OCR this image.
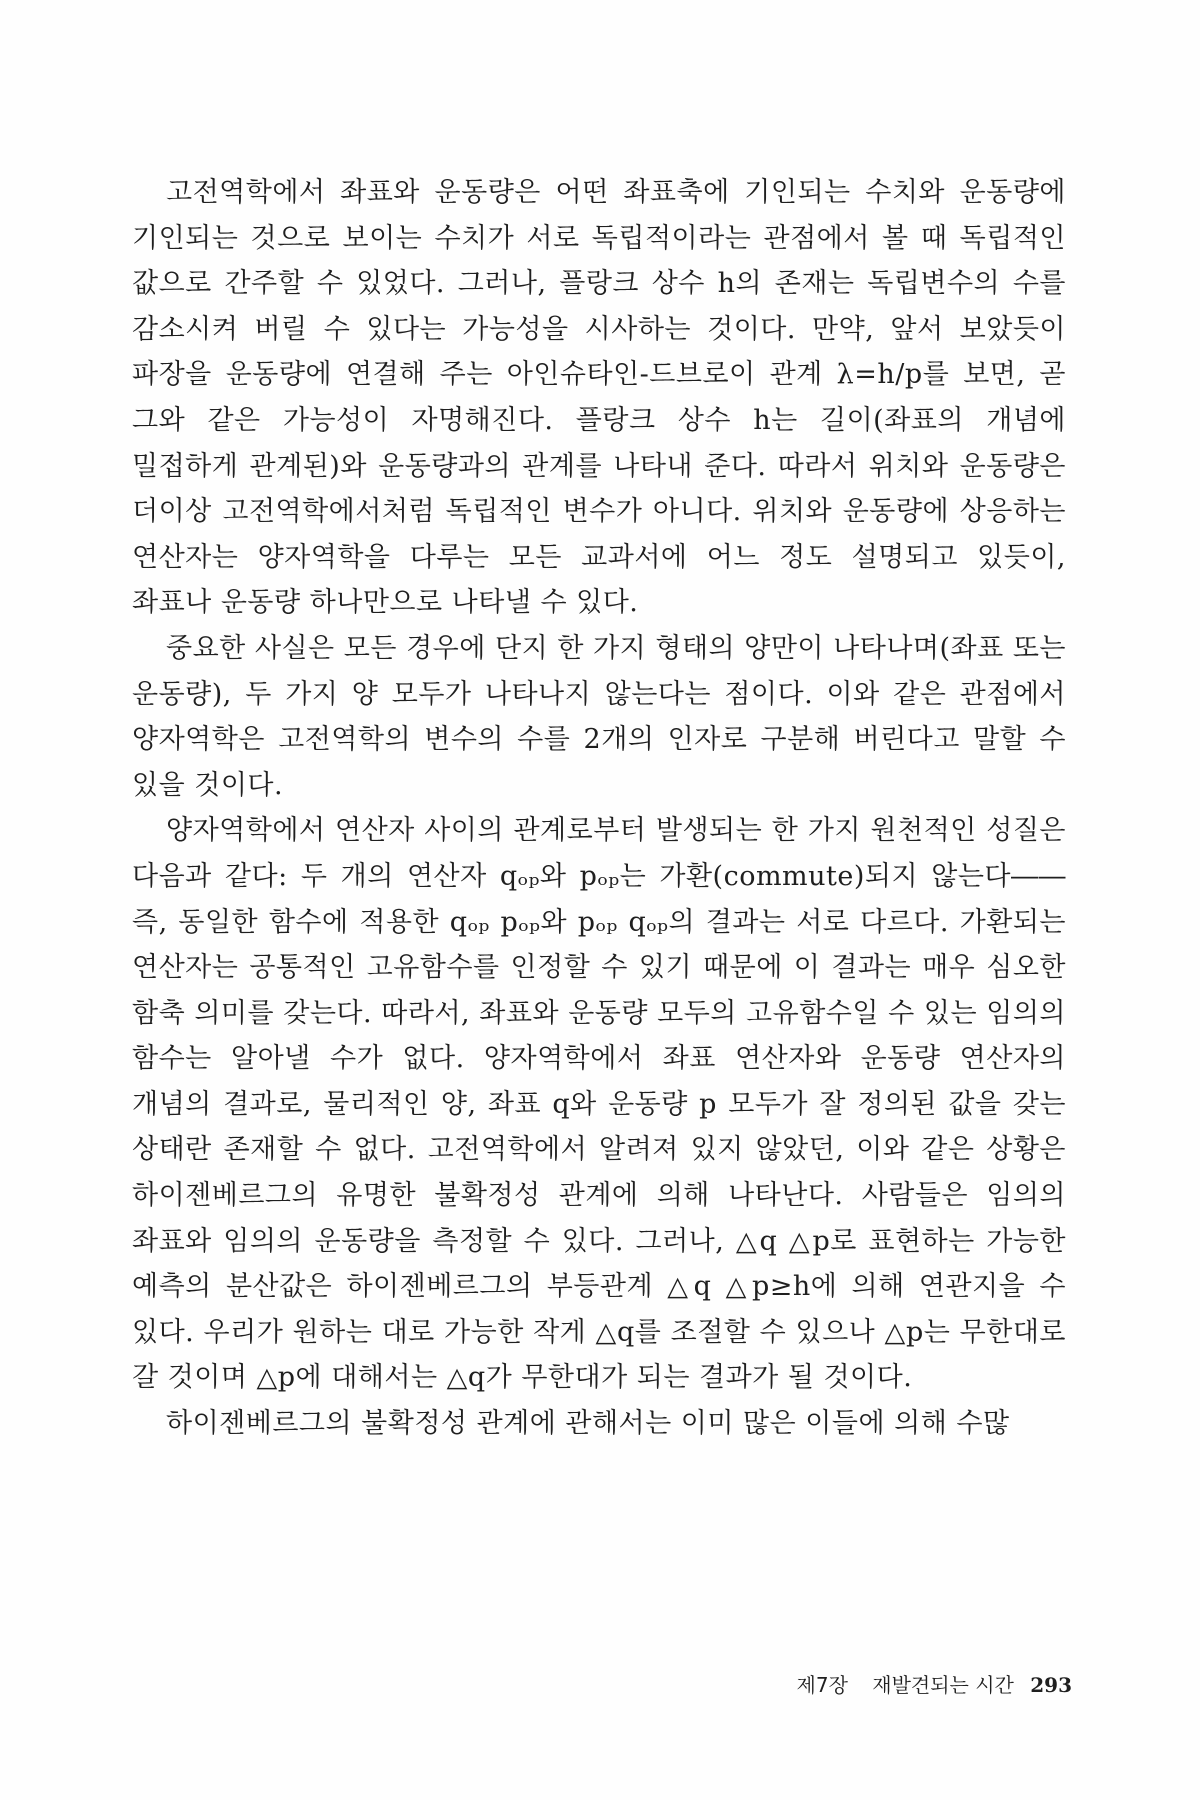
고전역학에서 좌표와 운동량은 어떤 좌표축에 기인되는 수치와 운동량에 기인되는 것으로 보이는 수치가 서로 독립적이라는 관점에서 볼 때 독립적인 값으로 간주할 수 있었다. 그러나, 플랑크 상수 h의 존재는 독립변수의 수를 감소시켜 버릴 수 있다는 가능성을 시사하는 것이다. 만약, 앞서 보았듯이 파장을 운동량에 연결해 주는 아인슈타인-드브로이 관계 λ=h/p를 보면, 곧 그와 같은 가능성이 자명해진다. 플랑크 상수 h는 길이(좌표의 개념에 밀접하게 관계된)와 운동량과의 관계를 나타내 준다. 따라서 위치와 운동량은 더이상 고전역학에서처럼 독립적인 변수가 아니다. 위치와 운동량에 상응하는 연산자는 양자역학을 다루는 모든 교과서에 어느 정도 설명되고 있듯이, 좌표나 운동량 하나만으로 나타낼 수 있다.

중요한 사실은 모든 경우에 단지 한 가지 형태의 양만이 나타나며(좌표 또는 운동량), 두 가지 양 모두가 나타나지 않는다는 점이다. 이와 같은 관점에서 양자역학은 고전역학의 변수의 수를 2개의 인자로 구분해 버린다고 말할 수 있을 것이다.

양자역학에서 연산자 사이의 관계로부터 발생되는 한 가지 원천적인 성질은 다음과 같다: 두 개의 연산자 qₒₚ와 pₒₚ는 가환(commute)되지 않는다――즉, 동일한 함수에 적용한 qₒₚ pₒₚ와 pₒₚ qₒₚ의 결과는 서로 다르다. 가환되는 연산자는 공통적인 고유함수를 인정할 수 있기 때문에 이 결과는 매우 심오한 함축 의미를 갖는다. 따라서, 좌표와 운동량 모두의 고유함수일 수 있는 임의의 함수는 알아낼 수가 없다. 양자역학에서 좌표 연산자와 운동량 연산자의 개념의 결과로, 물리적인 양, 좌표 q와 운동량 p 모두가 잘 정의된 값을 갖는 상태란 존재할 수 없다. 고전역학에서 알려져 있지 않았던, 이와 같은 상황은 하이젠베르그의 유명한 불확정성 관계에 의해 나타난다. 사람들은 임의의 좌표와 임의의 운동량을 측정할 수 있다. 그러나, △q △p로 표현하는 가능한 예측의 분산값은 하이젠베르그의 부등관계 △q △p≥h에 의해 연관지을 수 있다. 우리가 원하는 대로 가능한 작게 △q를 조절할 수 있으나 △p는 무한대로 갈 것이며 △p에 대해서는 △q가 무한대가 되는 결과가 될 것이다.

하이젠베르그의 불확정성 관계에 관해서는 이미 많은 이들에 의해 수많

제7장 재발견되는 시간 293
